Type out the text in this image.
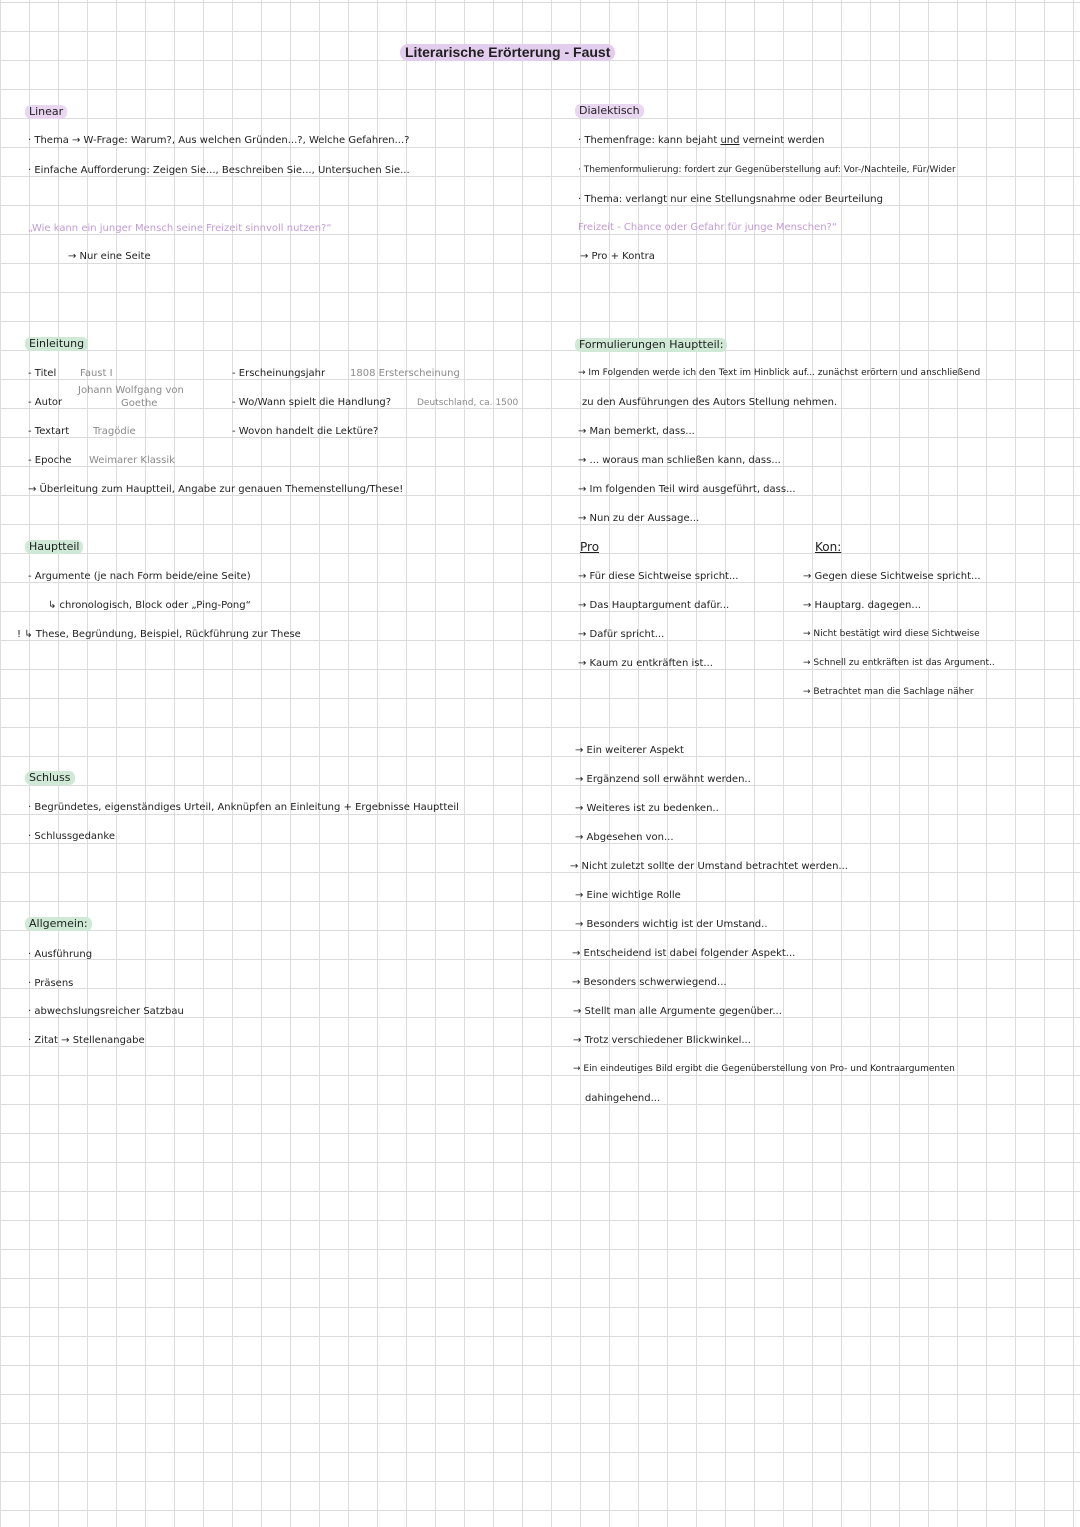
Literarische Erörterung - Faust
Linear
· Thema → W-Frage: Warum?, Aus welchen Gründen...?, Welche Gefahren...?
· Einfache Aufforderung: Zeigen Sie..., Beschreiben Sie..., Untersuchen Sie...
„Wie kann ein junger Mensch seine Freizeit sinnvoll nutzen?“
→ Nur eine Seite
Einleitung
- Titel Faust I
Johann Wolfgang von
- Autor	Goethe
- Textart Tragödie
- Epoche Weimarer Klassik
- Erscheinungsjahr 1808 Ersterscheinung
- Wo/Wann spielt die Handlung?	Deutschland, ca. 1500
- Wovon handelt die Lektüre?
→ Überleitung zum Hauptteil, Angabe zur genauen Themenstellung/These!
Hauptteil
- Argumente (je nach Form beide/eine Seite)
↳ chronologisch, Block oder „Ping-Pong“
! ↳ These, Begründung, Beispiel, Rückführung zur These
Schluss
· Begründetes, eigenständiges Urteil, Anknüpfen an Einleitung + Ergebnisse Hauptteil
· Schlussgedanke
Allgemein:
· Ausführung
· Präsens
· abwechslungsreicher Satzbau
· Zitat → Stellenangabe
Dialektisch
· Themenfrage: kann bejaht und verneint werden
· Themenformulierung: fordert zur Gegenüberstellung auf: Vor-/Nachteile, Für/Wider
· Thema: verlangt nur eine Stellungsnahme oder Beurteilung
Freizeit - Chance oder Gefahr für junge Menschen?“
→ Pro + Kontra
Formulierungen Hauptteil:
→ Im Folgenden werde ich den Text im Hinblick auf... zunächst erörtern und anschließend
zu den Ausführungen des Autors Stellung nehmen.
→ Man bemerkt, dass...
→ ... woraus man schließen kann, dass...
→ Im folgenden Teil wird ausgeführt, dass...
→ Nun zu der Aussage...
Pro
→ Für diese Sichtweise spricht...
→ Das Hauptargument dafür...
→ Dafür spricht...
→ Kaum zu entkräften ist...
Kon:
→ Gegen diese Sichtweise spricht...
→ Hauptarg. dagegen...
→ Nicht bestätigt wird diese Sichtweise
→ Schnell zu entkräften ist das Argument..
→ Betrachtet man die Sachlage näher
→ Ein weiterer Aspekt
→ Ergänzend soll erwähnt werden..
→ Weiteres ist zu bedenken..
→ Abgesehen von...
→ Nicht zuletzt sollte der Umstand betrachtet werden...
→ Eine wichtige Rolle
→ Besonders wichtig ist der Umstand..
→ Entscheidend ist dabei folgender Aspekt...
→ Besonders schwerwiegend...
→ Stellt man alle Argumente gegenüber...
→ Trotz verschiedener Blickwinkel...
→ Ein eindeutiges Bild ergibt die Gegenüberstellung von Pro- und Kontraargumenten
dahingehend...
